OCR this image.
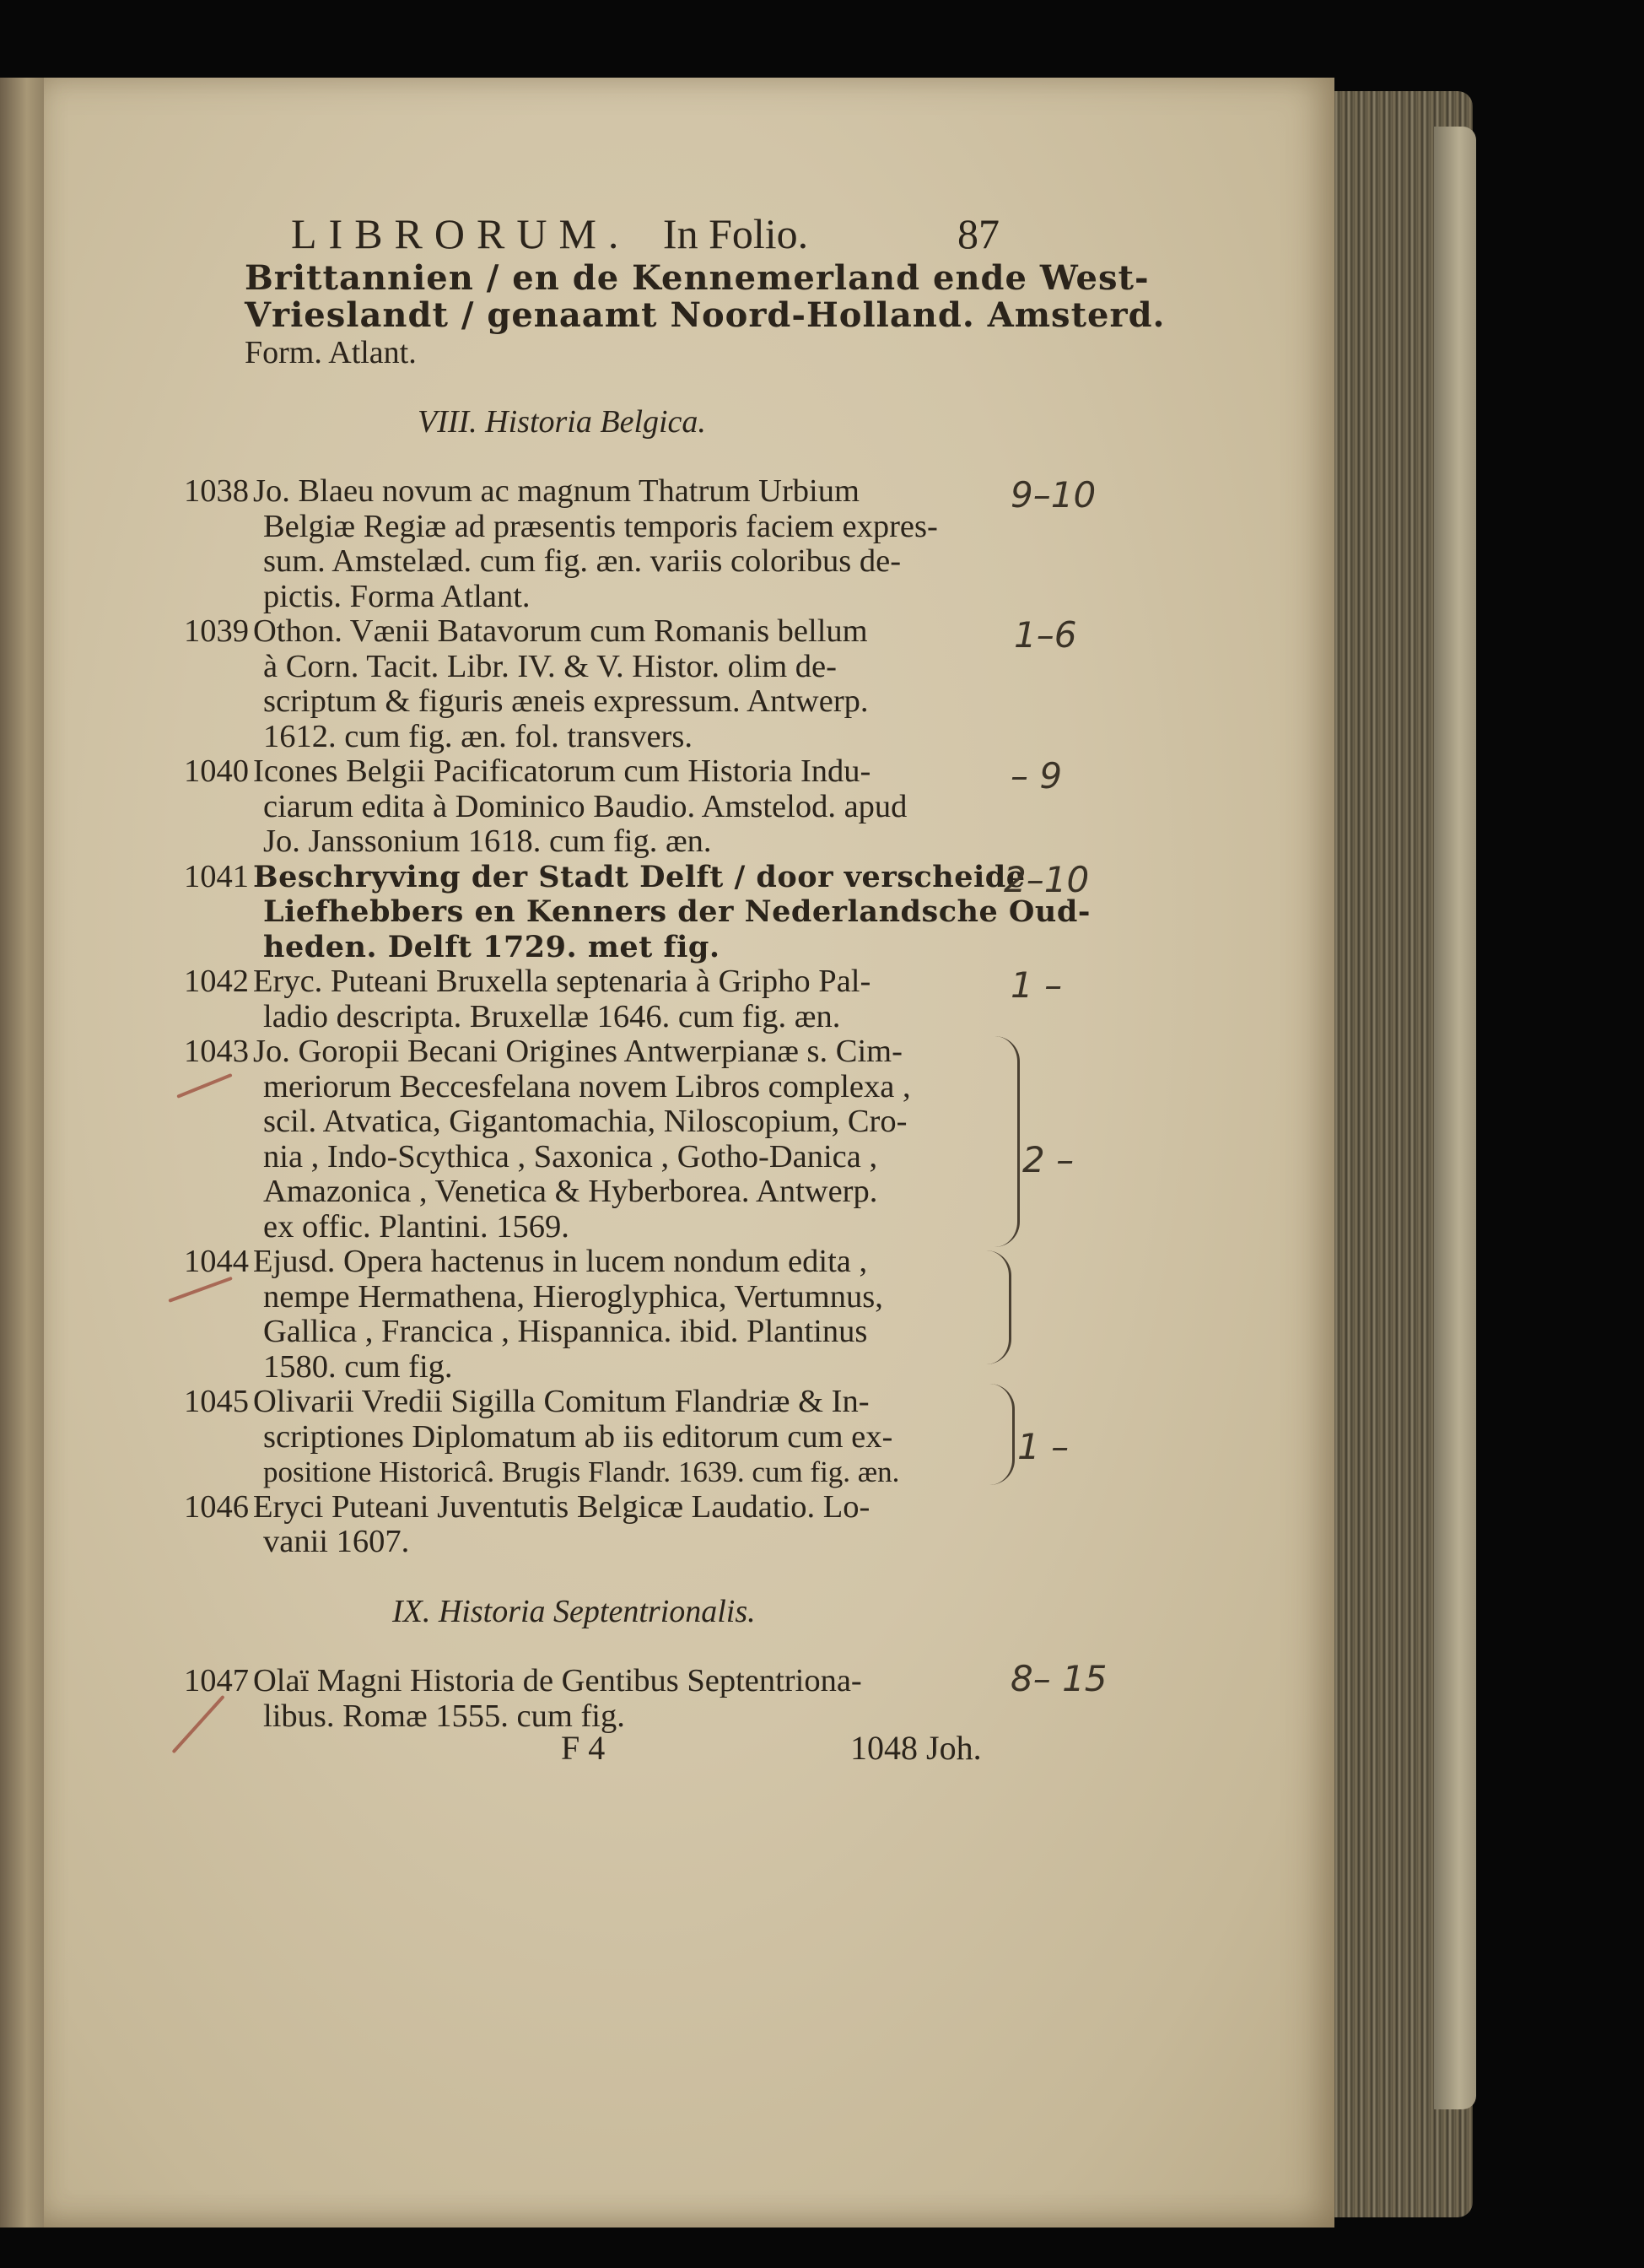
LIBRORUM. In Folio.	87
Brittannien / en de Kennemerland ende West-
Vrieslandt / genaamt Noord-Holland. Amsterd.
Form. Atlant.
VIII. Historia Belgica.
1038 Jo. Blaeu novum ac magnum Thatrum Urbium
Belgiæ Regiæ ad præsentis temporis faciem expres-
sum. Amstelæd. cum fig. æn. variis coloribus de-
pictis. Forma Atlant.
1039 Othon. Vænii Batavorum cum Romanis bellum
à Corn. Tacit. Libr. IV. & V. Histor. olim de-
scriptum & figuris æneis expressum. Antwerp.
1612. cum fig. æn. fol. transvers.
1040 Icones Belgii Pacificatorum cum Historia Indu-
ciarum edita à Dominico Baudio. Amstelod. apud
Jo. Janssonium 1618. cum fig. æn.
1041 Beschryving der Stadt Delft / door verscheide
Liefhebbers en Kenners der Nederlandsche Oud-
heden. Delft 1729. met fig.
1042 Eryc. Puteani Bruxella septenaria à Gripho Pal-
ladio descripta. Bruxellæ 1646. cum fig. æn.
1043 Jo. Goropii Becani Origines Antwerpianæ s. Cim-
meriorum Beccesfelana novem Libros complexa ,
scil. Atvatica, Gigantomachia, Niloscopium, Cro-
nia , Indo-Scythica , Saxonica , Gotho-Danica ,
Amazonica , Venetica & Hyberborea. Antwerp.
ex offic. Plantini. 1569.
1044 Ejusd. Opera hactenus in lucem nondum edita ,
nempe Hermathena, Hieroglyphica, Vertumnus,
Gallica , Francica , Hispannica. ibid. Plantinus
1580. cum fig.
1045 Olivarii Vredii Sigilla Comitum Flandriæ & In-
scriptiones Diplomatum ab iis editorum cum ex-
positione Historicâ. Brugis Flandr. 1639. cum fig. æn.
1046 Eryci Puteani Juventutis Belgicæ Laudatio. Lo-
vanii 1607.
IX. Historia Septentrionalis.
1047 Olaï Magni Historia de Gentibus Septentriona-
libus. Romæ 1555. cum fig.
F 4	1048 Joh.
9–10
1–6
– 9
2–10
1 –
2 –
1 –
8– 15
